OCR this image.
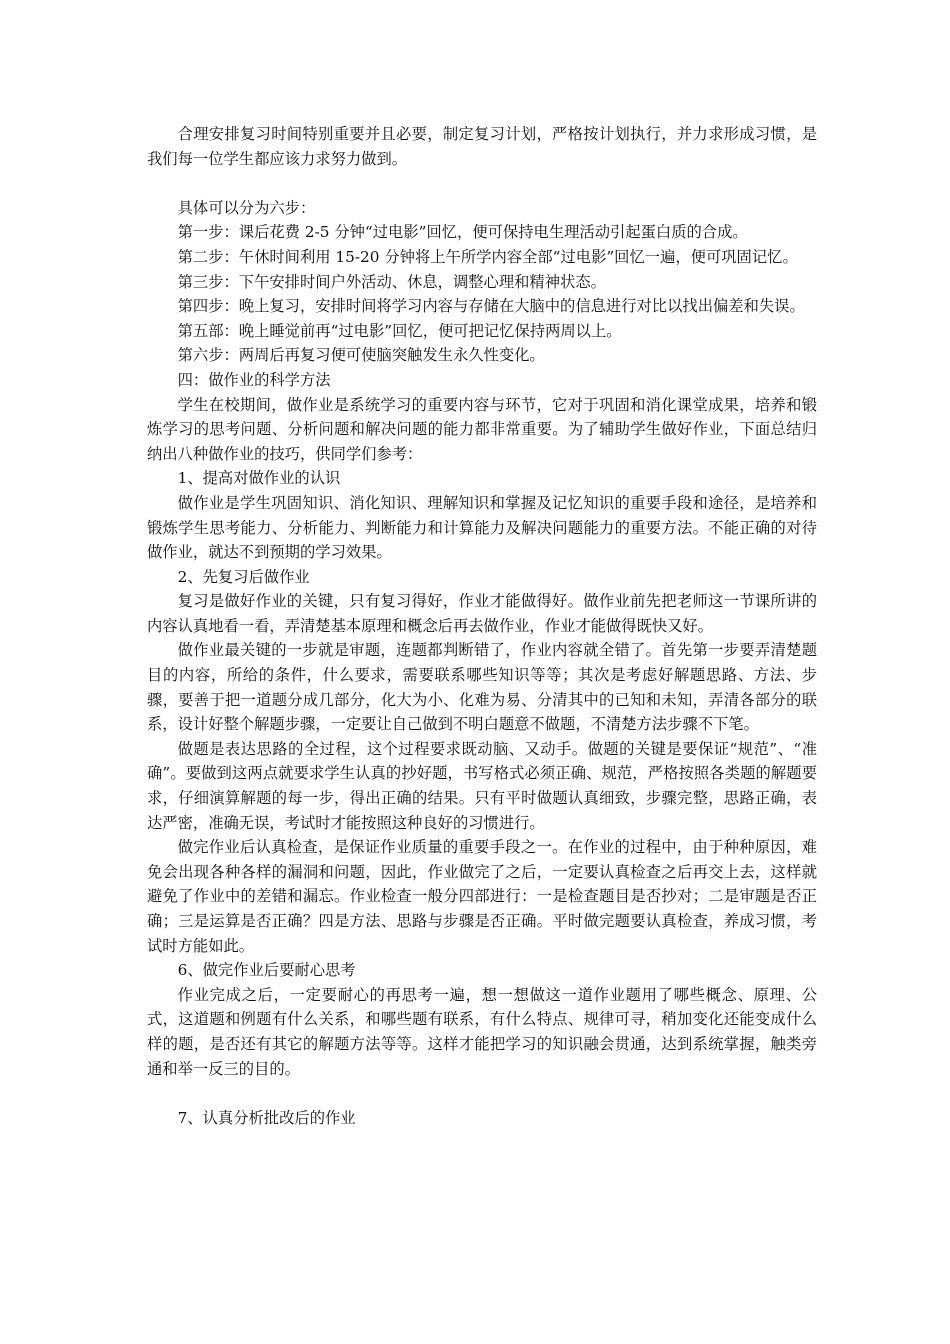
合理安排复习时间特别重要并且必要，制定复习计划，严格按计划执行，并力求形成习惯，是我们每一位学生都应该力求努力做到。

具体可以分为六步：

第一步：课后花费 2-5 分钟“过电影”回忆，便可保持电生理活动引起蛋白质的合成。

第二步：午休时间利用 15-20 分钟将上午所学内容全部“过电影”回忆一遍，便可巩固记忆。

第三步：下午安排时间户外活动、休息，调整心理和精神状态。

第四步：晚上复习，安排时间将学习内容与存储在大脑中的信息进行对比以找出偏差和失误。

第五部：晚上睡觉前再“过电影”回忆，便可把记忆保持两周以上。

第六步：两周后再复习便可使脑突触发生永久性变化。

四：做作业的科学方法

学生在校期间，做作业是系统学习的重要内容与环节，它对于巩固和消化课堂成果，培养和锻炼学习的思考问题、分析问题和解决问题的能力都非常重要。为了辅助学生做好作业，下面总结归纳出八种做作业的技巧，供同学们参考：

1、提高对做作业的认识

做作业是学生巩固知识、消化知识、理解知识和掌握及记忆知识的重要手段和途径，是培养和锻炼学生思考能力、分析能力、判断能力和计算能力及解决问题能力的重要方法。不能正确的对待做作业，就达不到预期的学习效果。

2、先复习后做作业

复习是做好作业的关键，只有复习得好，作业才能做得好。做作业前先把老师这一节课所讲的内容认真地看一看，弄清楚基本原理和概念后再去做作业，作业才能做得既快又好。

做作业最关键的一步就是审题，连题都判断错了，作业内容就全错了。首先第一步要弄清楚题目的内容，所给的条件，什么要求，需要联系哪些知识等等；其次是考虑好解题思路、方法、步骤，要善于把一道题分成几部分，化大为小、化难为易、分清其中的已知和未知，弄清各部分的联系，设计好整个解题步骤，一定要让自己做到不明白题意不做题，不清楚方法步骤不下笔。

做题是表达思路的全过程，这个过程要求既动脑、又动手。做题的关键是要保证“规范”、“准确”。要做到这两点就要求学生认真的抄好题，书写格式必须正确、规范，严格按照各类题的解题要求，仔细演算解题的每一步，得出正确的结果。只有平时做题认真细致，步骤完整，思路正确，表达严密，准确无误，考试时才能按照这种良好的习惯进行。

做完作业后认真检查，是保证作业质量的重要手段之一。在作业的过程中，由于种种原因，难免会出现各种各样的漏洞和问题，因此，作业做完了之后，一定要认真检查之后再交上去，这样就避免了作业中的差错和漏忘。作业检查一般分四部进行：一是检查题目是否抄对；二是审题是否正确；三是运算是否正确？四是方法、思路与步骤是否正确。平时做完题要认真检查，养成习惯，考试时方能如此。

6、做完作业后要耐心思考

作业完成之后，一定要耐心的再思考一遍，想一想做这一道作业题用了哪些概念、原理、公式，这道题和例题有什么关系，和哪些题有联系，有什么特点、规律可寻，稍加变化还能变成什么样的题，是否还有其它的解题方法等等。这样才能把学习的知识融会贯通，达到系统掌握，触类旁通和举一反三的目的。

7、认真分析批改后的作业
